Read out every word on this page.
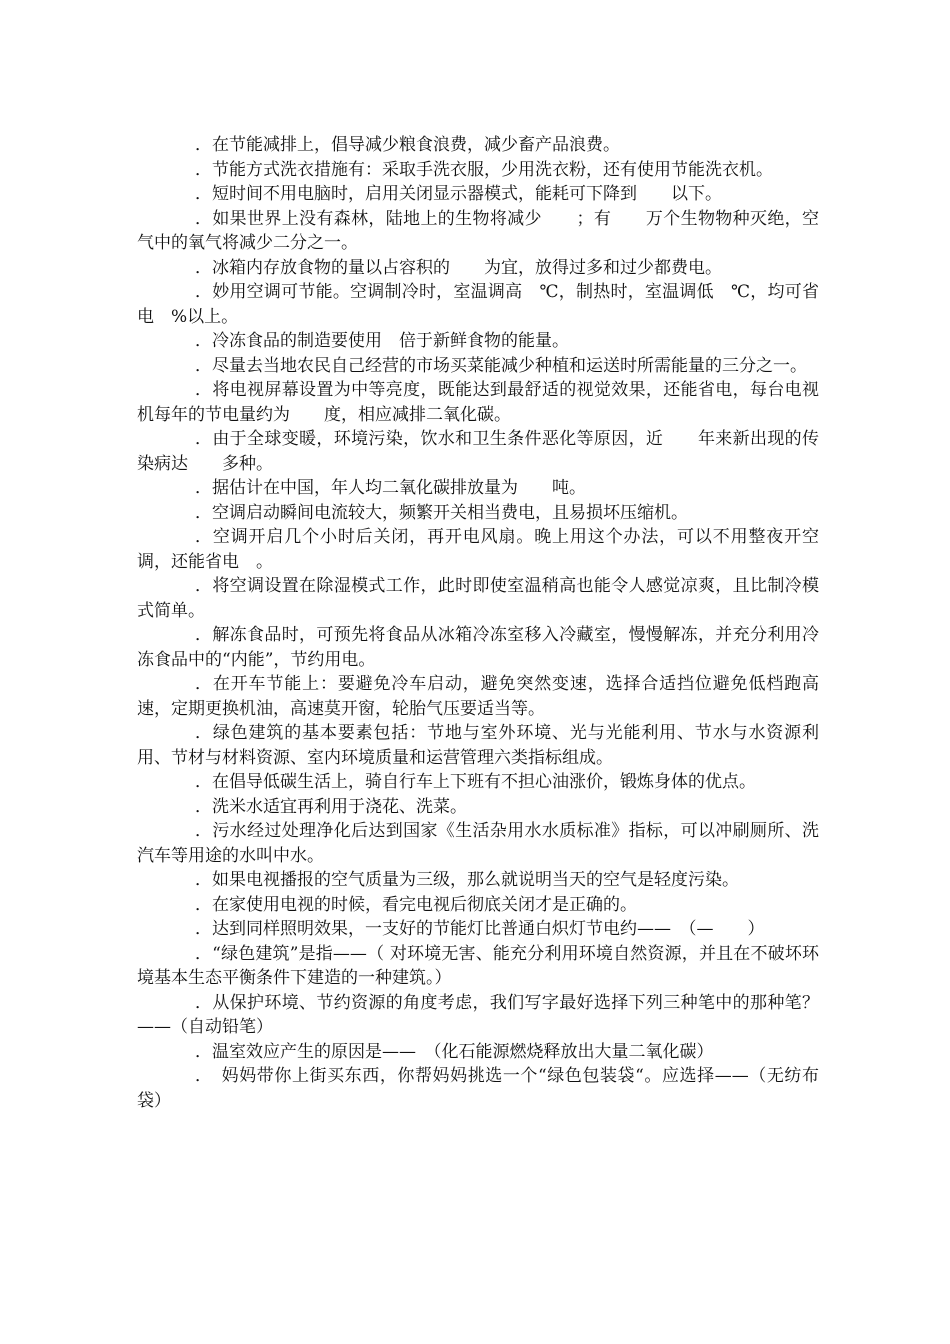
．在节能减排上，倡导减少粮食浪费，减少畜产品浪费。

．节能方式洗衣措施有：采取手洗衣服，少用洗衣粉，还有使用节能洗衣机。

．短时间不用电脑时，启用关闭显示器模式，能耗可下降到　　以下。

．如果世界上没有森林，陆地上的生物将减少　　；有　　万个生物物种灭绝，空气中的氧气将减少二分之一。

．冰箱内存放食物的量以占容积的　　为宜，放得过多和过少都费电。

．妙用空调可节能。空调制冷时，室温调高　℃，制热时，室温调低　℃，均可省电　%以上。

．冷冻食品的制造要使用　倍于新鲜食物的能量。

．尽量去当地农民自己经营的市场买菜能减少种植和运送时所需能量的三分之一。

．将电视屏幕设置为中等亮度，既能达到最舒适的视觉效果，还能省电，每台电视机每年的节电量约为　　度，相应减排二氧化碳。

．由于全球变暖，环境污染，饮水和卫生条件恶化等原因，近　　年来新出现的传染病达　　多种。

．据估计在中国，年人均二氧化碳排放量为　　吨。

．空调启动瞬间电流较大，频繁开关相当费电，且易损坏压缩机。

．空调开启几个小时后关闭，再开电风扇。晚上用这个办法，可以不用整夜开空调，还能省电　。

．将空调设置在除湿模式工作，此时即使室温稍高也能令人感觉凉爽，且比制冷模式简单。

．解冻食品时，可预先将食品从冰箱冷冻室移入冷藏室，慢慢解冻，并充分利用冷冻食品中的“内能”，节约用电。

．在开车节能上：要避免冷车启动，避免突然变速，选择合适挡位避免低档跑高速，定期更换机油，高速莫开窗，轮胎气压要适当等。

．绿色建筑的基本要素包括：节地与室外环境、光与光能利用、节水与水资源利用、节材与材料资源、室内环境质量和运营管理六类指标组成。

．在倡导低碳生活上，骑自行车上下班有不担心油涨价，锻炼身体的优点。

．洗米水适宜再利用于浇花、洗菜。

．污水经过处理净化后达到国家《生活杂用水水质标准》指标，可以冲刷厕所、洗汽车等用途的水叫中水。

．如果电视播报的空气质量为三级，那么就说明当天的空气是轻度污染。

．在家使用电视的时候，看完电视后彻底关闭才是正确的。

．达到同样照明效果，一支好的节能灯比普通白炽灯节电约——　（—　　）

．“绿色建筑”是指——（ 对环境无害、能充分利用环境自然资源，并且在不破坏环境基本生态平衡条件下建造的一种建筑。）

．从保护环境、节约资源的角度考虑，我们写字最好选择下列三种笔中的那种笔？——（自动铅笔）

．温室效应产生的原因是——　（化石能源燃烧释放出大量二氧化碳）

．　妈妈带你上街买东西，你帮妈妈挑选一个“绿色包装袋“。应选择——（无纺布袋）
